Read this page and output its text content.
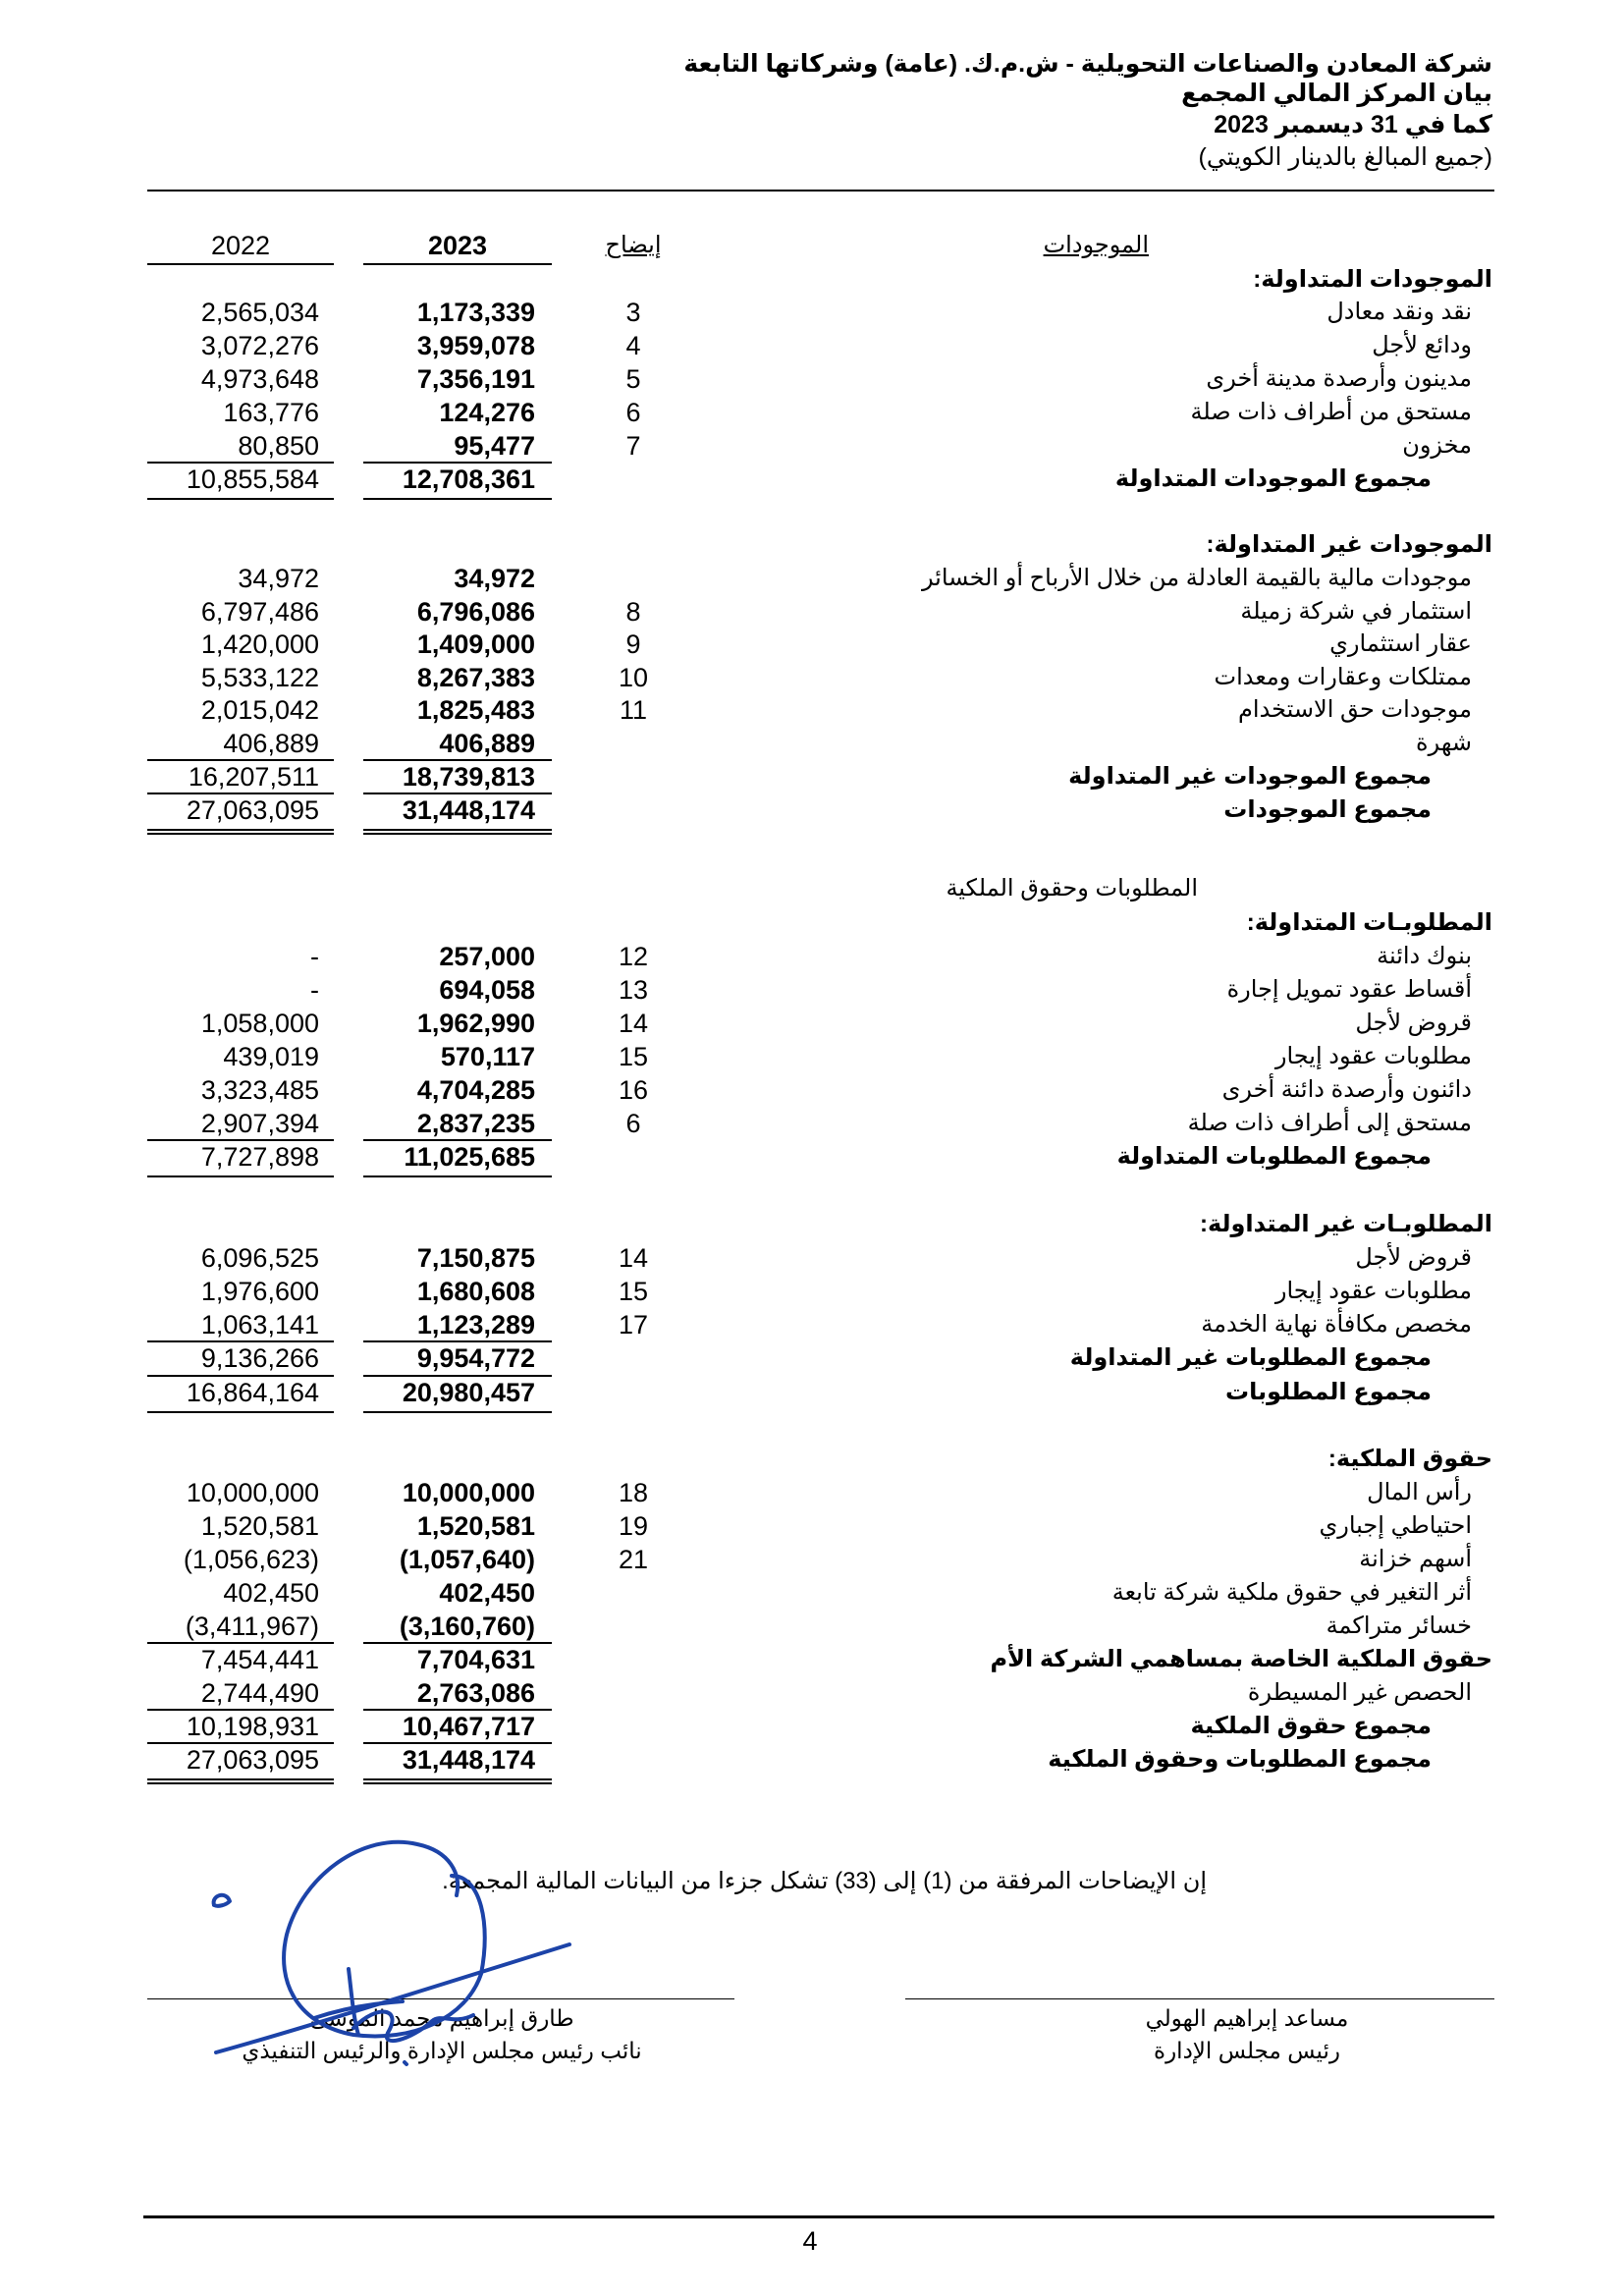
شركة المعادن والصناعات التحويلية - ش.م.ك. (عامة) وشركاتها التابعة
بيان المركز المالي المجمع
كما في 31 ديسمبر 2023
(جميع المبالغ بالدينار الكويتي)
2022	2023	إيضاح	الموجودات
الموجودات المتداولة:
نقد ونقد معادل
2,565,034	1,173,339	3
ودائع لأجل
3,072,276	3,959,078	4
مدينون وأرصدة مدينة أخرى
4,973,648	7,356,191	5
مستحق من أطراف ذات صلة
163,776	124,276	6
مخزون
80,850	95,477	7
مجموع الموجودات المتداولة
10,855,584	12,708,361
الموجودات غير المتداولة:
موجودات مالية بالقيمة العادلة من خلال الأرباح أو الخسائر
34,972	34,972
استثمار في شركة زميلة
6,797,486	6,796,086	8
عقار استثماري
1,420,000	1,409,000	9
ممتلكات وعقارات ومعدات
5,533,122	8,267,383	10
موجودات حق الاستخدام
2,015,042	1,825,483	11
شهرة
406,889	406,889
مجموع الموجودات غير المتداولة
16,207,511	18,739,813
مجموع الموجودات
27,063,095	31,448,174
المطلوبات وحقوق الملكية
المطلوبـات المتداولة:
بنوك دائنة
-	257,000	12
أقساط عقود تمويل إجارة
-	694,058	13
قروض لأجل
1,058,000	1,962,990	14
مطلوبات عقود إيجار
439,019	570,117	15
دائنون وأرصدة دائنة أخرى
3,323,485	4,704,285	16
مستحق إلى أطراف ذات صلة
2,907,394	2,837,235	6
مجموع المطلوبات المتداولة
7,727,898	11,025,685
المطلوبـات غير المتداولة:
قروض لأجل
6,096,525	7,150,875	14
مطلوبات عقود إيجار
1,976,600	1,680,608	15
مخصص مكافأة نهاية الخدمة
1,063,141	1,123,289	17
مجموع المطلوبات غير المتداولة
9,136,266	9,954,772
مجموع المطلوبات
16,864,164	20,980,457
حقوق الملكية:
رأس المال
10,000,000	10,000,000	18
احتياطي إجباري
1,520,581	1,520,581	19
أسهم خزانة
(1,056,623)	(1,057,640)	21
أثر التغير في حقوق ملكية شركة تابعة
402,450	402,450
خسائر متراكمة
(3,411,967)	(3,160,760)
حقوق الملكية الخاصة بمساهمي الشركة الأم
7,454,441	7,704,631
الحصص غير المسيطرة
2,744,490	2,763,086
مجموع حقوق الملكية
10,198,931	10,467,717
مجموع المطلوبات وحقوق الملكية
27,063,095	31,448,174
إن الإيضاحات المرفقة من (1) إلى (33) تشكل جزءا من البيانات المالية المجمعة.
طارق إبراهيم محمد الموسى
نائب رئيس مجلس الإدارة والرئيس التنفيذي
مساعد إبراهيم الهولي
رئيس مجلس الإدارة
4
